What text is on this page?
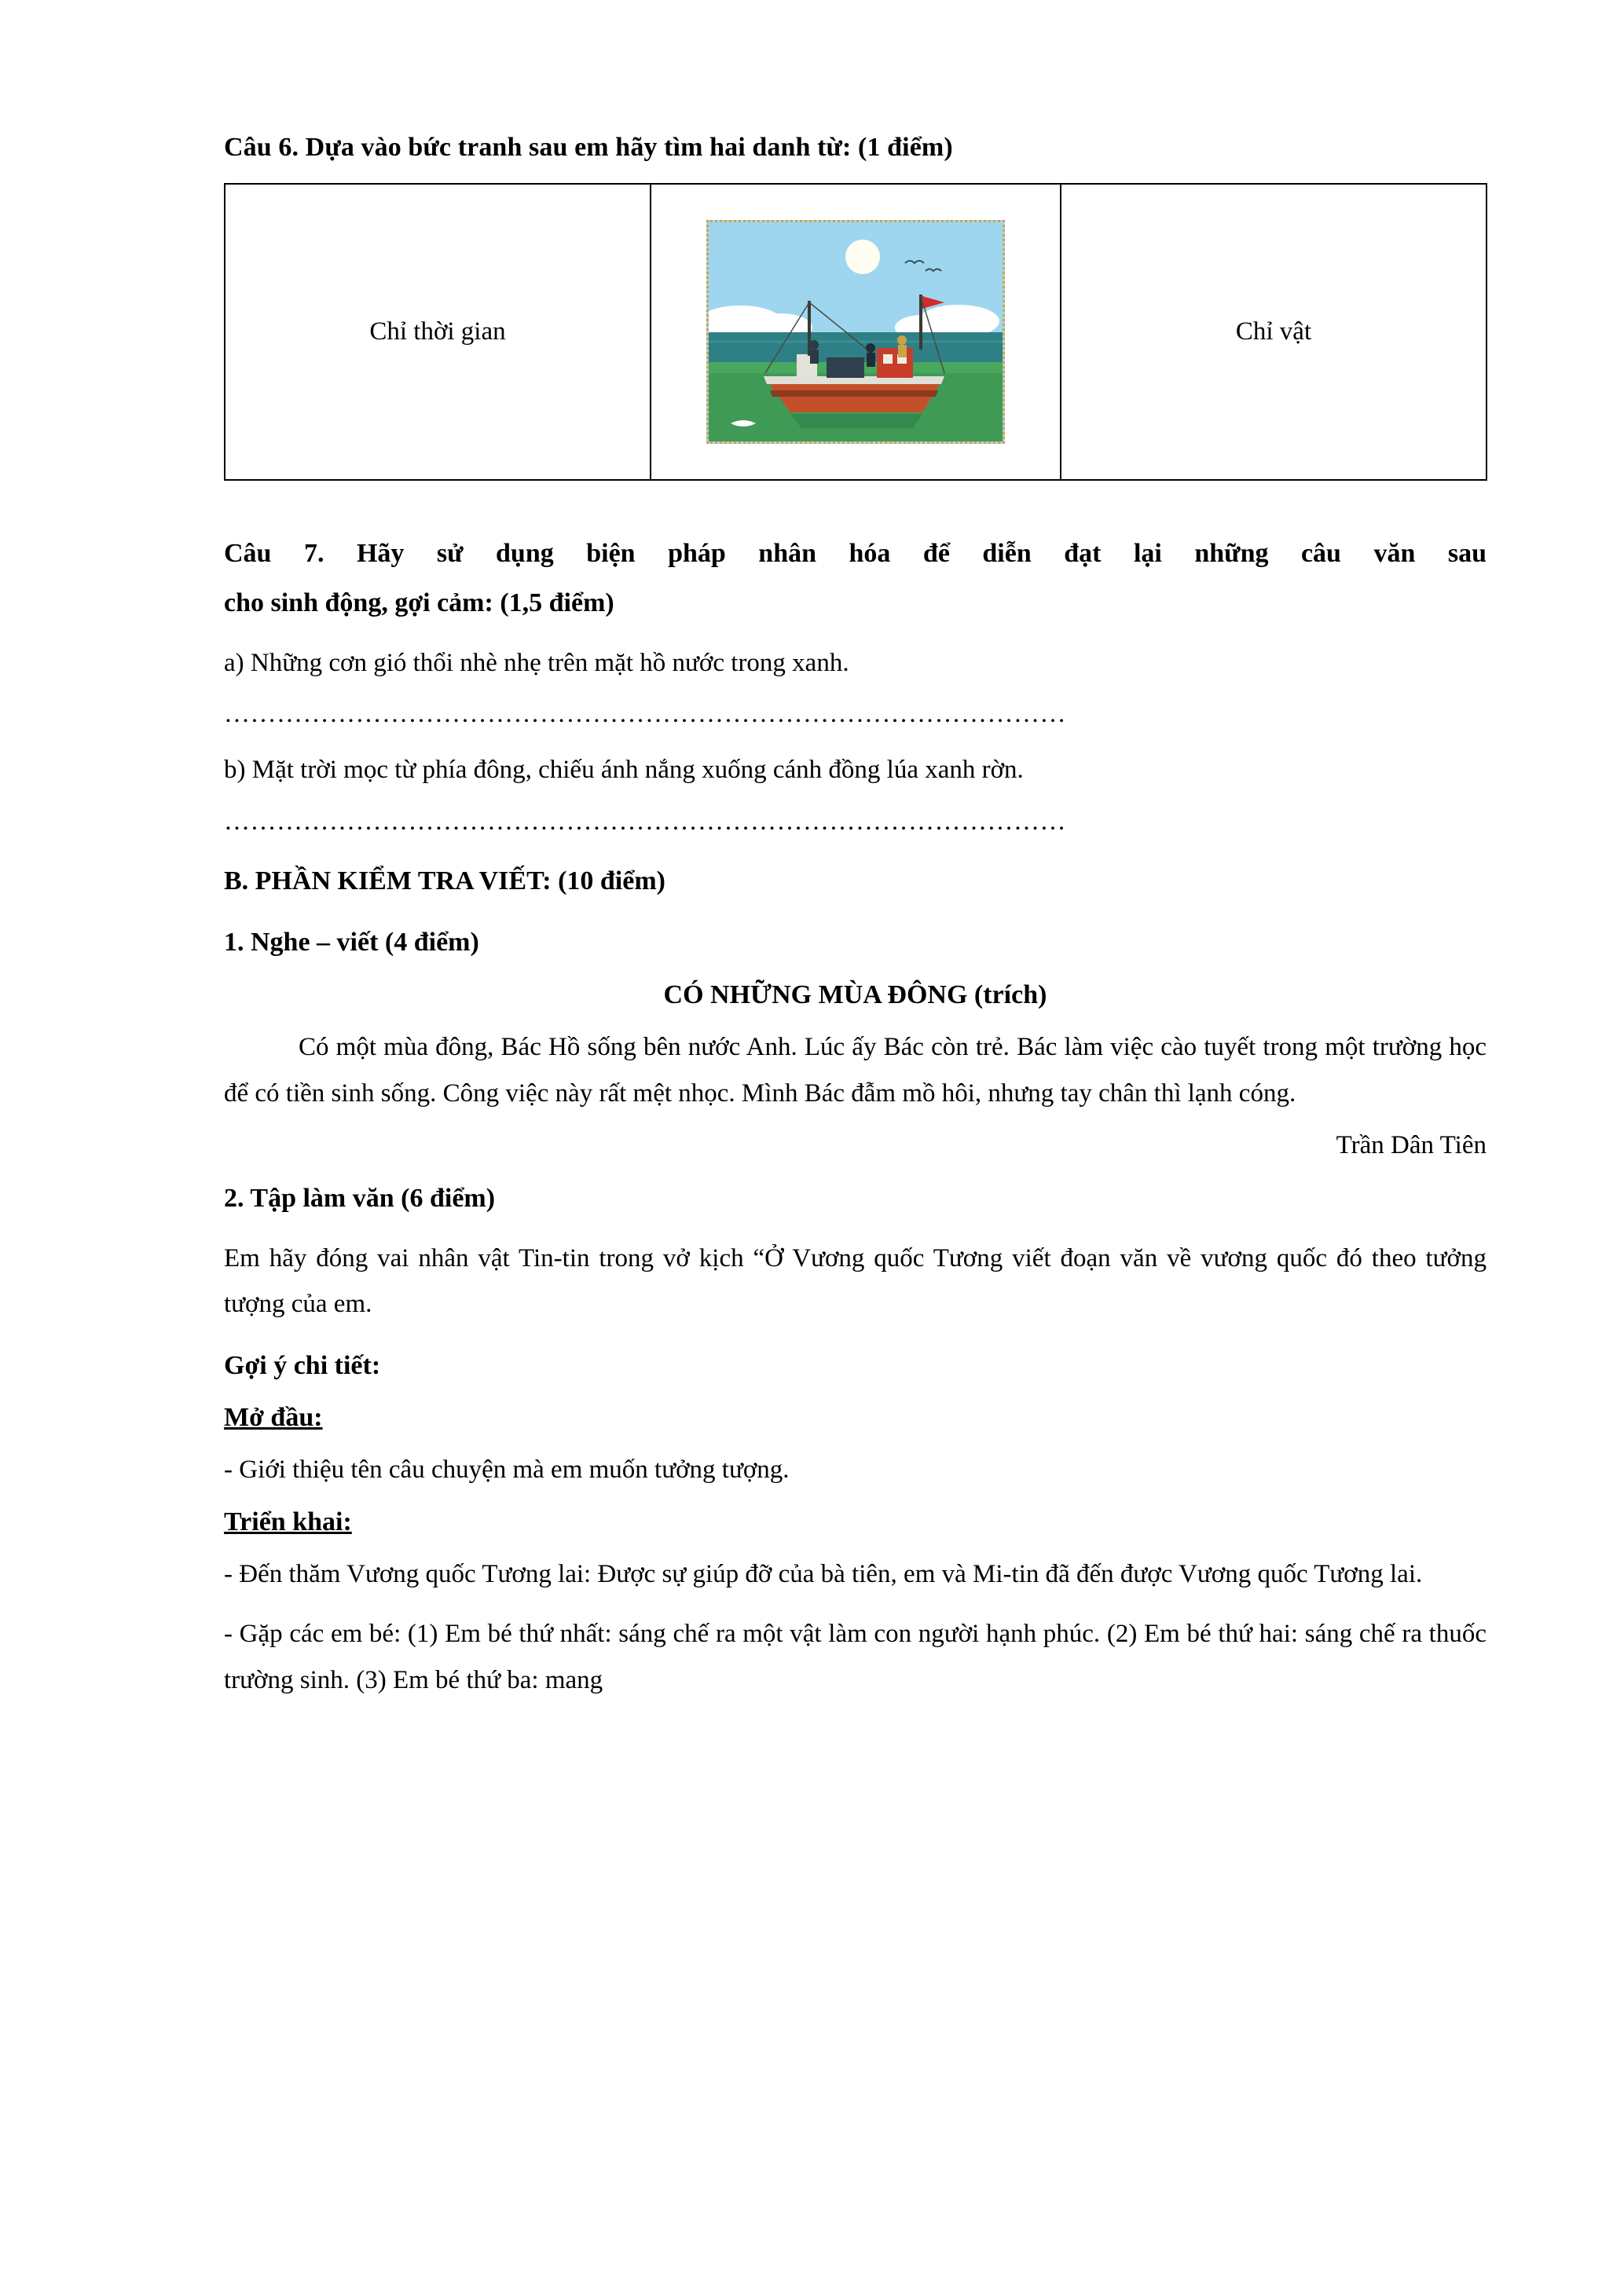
Câu 6. Dựa vào bức tranh sau em hãy tìm hai danh từ: (1 điểm)
Chỉ thời gian		Chỉ vật
Câu 7. Hãy sử dụng biện pháp nhân hóa để diễn đạt lại những câu văn sau
cho sinh động, gợi cảm: (1,5 điểm)

a) Những cơn gió thổi nhè nhẹ trên mặt hồ nước trong xanh.

……………………………………………………………………………………

b) Mặt trời mọc từ phía đông, chiếu ánh nắng xuống cánh đồng lúa xanh rờn.

……………………………………………………………………………………

B. PHẦN KIỂM TRA VIẾT: (10 điểm)

1. Nghe – viết (4 điểm)

CÓ NHỮNG MÙA ĐÔNG (trích)

Có một mùa đông, Bác Hồ sống bên nước Anh. Lúc ấy Bác còn trẻ. Bác làm việc cào tuyết trong một trường học để có tiền sinh sống. Công việc này rất mệt nhọc. Mình Bác đẫm mồ hôi, nhưng tay chân thì lạnh cóng.

Trần Dân Tiên

2. Tập làm văn (6 điểm)

Em hãy đóng vai nhân vật Tin-tin trong vở kịch “Ở Vương quốc Tương viết đoạn văn về vương quốc đó theo tưởng tượng của em.

Gợi ý chi tiết:

Mở đầu:

- Giới thiệu tên câu chuyện mà em muốn tưởng tượng.

Triển khai:

- Đến thăm Vương quốc Tương lai: Được sự giúp đỡ của bà tiên, em và Mi-tin đã đến được Vương quốc Tương lai.

- Gặp các em bé: (1) Em bé thứ nhất: sáng chế ra một vật làm con người hạnh phúc. (2) Em bé thứ hai: sáng chế ra thuốc trường sinh. (3) Em bé thứ ba: mang
